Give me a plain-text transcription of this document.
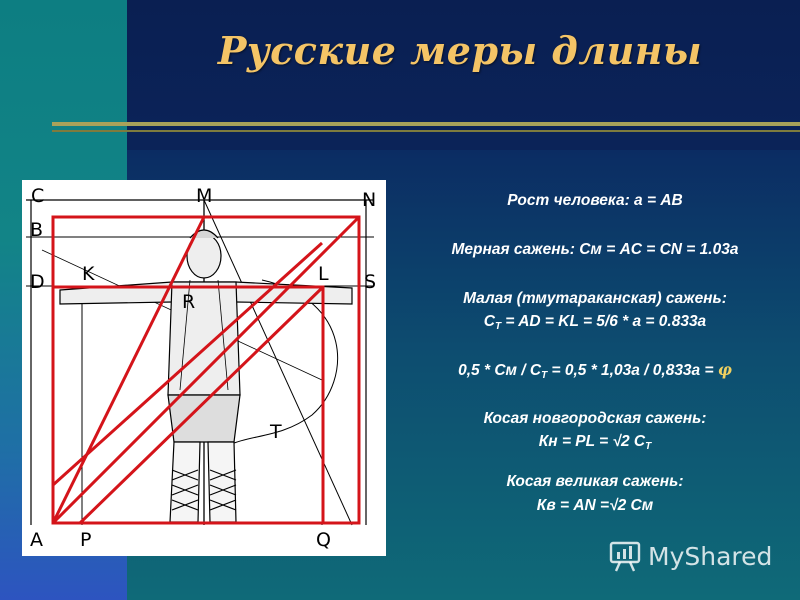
Русские меры длины
C	M	N
B
K	L
D	S
R
T
A P	Q
Рост человека: а = AB
Мерная сажень: См = AC = CN = 1.03а
Малая (тмутараканская) сажень:
$C_T$ = AD = KL = 5/6 * a = 0.833a
0,5 * См / $C_T = 0,5 * 1,03a / 0,833a = \varphi$
Косая новгородская сажень:
Кн = PL = √2 $C_T$
Косая великая сажень:
Кв = AN =√2 См
MyShared
